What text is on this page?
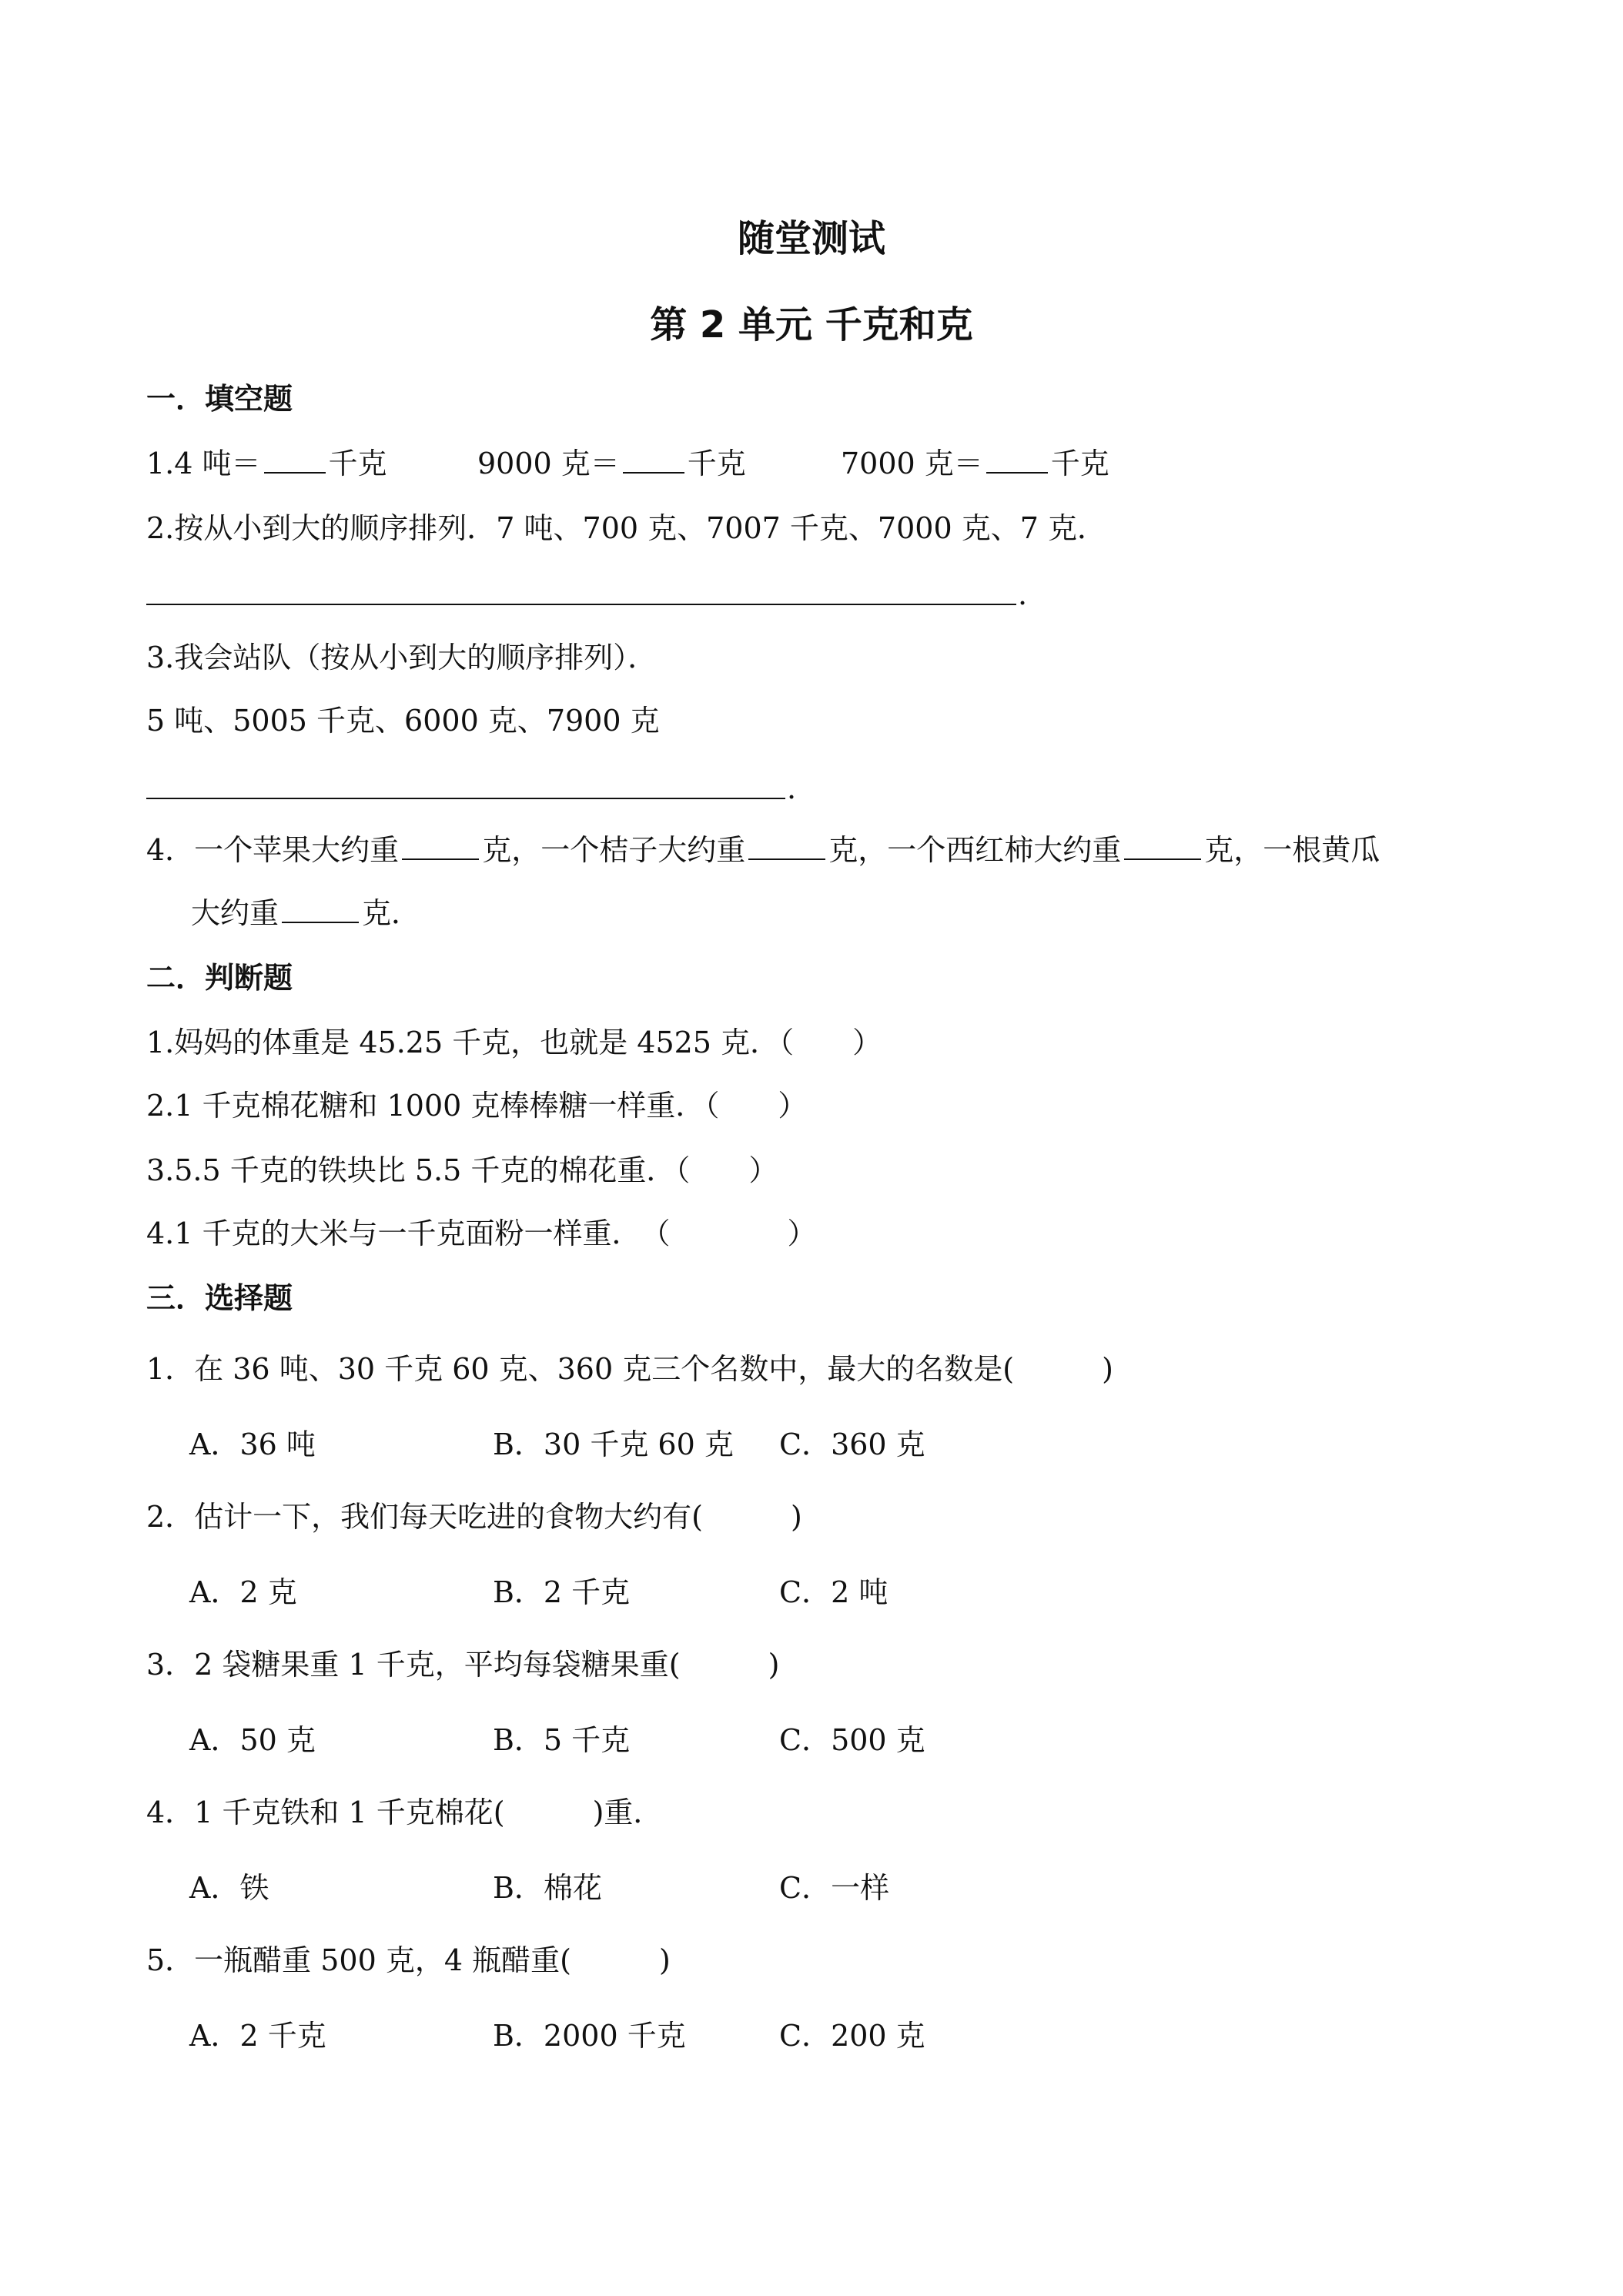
随堂测试
第 2 单元 千克和克
一．填空题
1.4 吨＝ 千克	9000 克＝ 千克	7000 克＝ 千克
2.按从小到大的顺序排列．7 吨、700 克、7007 千克、7000 克、7 克．
.
3.我会站队（按从小到大的顺序排列）．
5 吨、5005 千克、6000 克、7900 克
.
4．一个苹果大约重	克，一个桔子大约重	克，一个西红柿大约重	克，一根黄瓜
大约重	克．
二．判断题
1.妈妈的体重是 45.25 千克，也就是 4525 克．（　　）
2.1 千克棉花糖和 1000 克棒棒糖一样重．（　　）
3.5.5 千克的铁块比 5.5 千克的棉花重．（　　）
4.1 千克的大米与一千克面粉一样重．　（　　　　）
三．选择题
1．在 36 吨、30 千克 60 克、360 克三个名数中，最大的名数是(　　　)
A．36 吨	B．30 千克 60 克 C．360 克
2．估计一下，我们每天吃进的食物大约有(　　　)
A．2 克	B．2 千克	C．2 吨
3．2 袋糖果重 1 千克，平均每袋糖果重(　　　)
A．50 克	B．5 千克	C．500 克
4．1 千克铁和 1 千克棉花(　　　)重．
A．铁	B．棉花	C．一样
5．一瓶醋重 500 克，4 瓶醋重(　　　)
A．2 千克	B．2000 千克	C．200 克
